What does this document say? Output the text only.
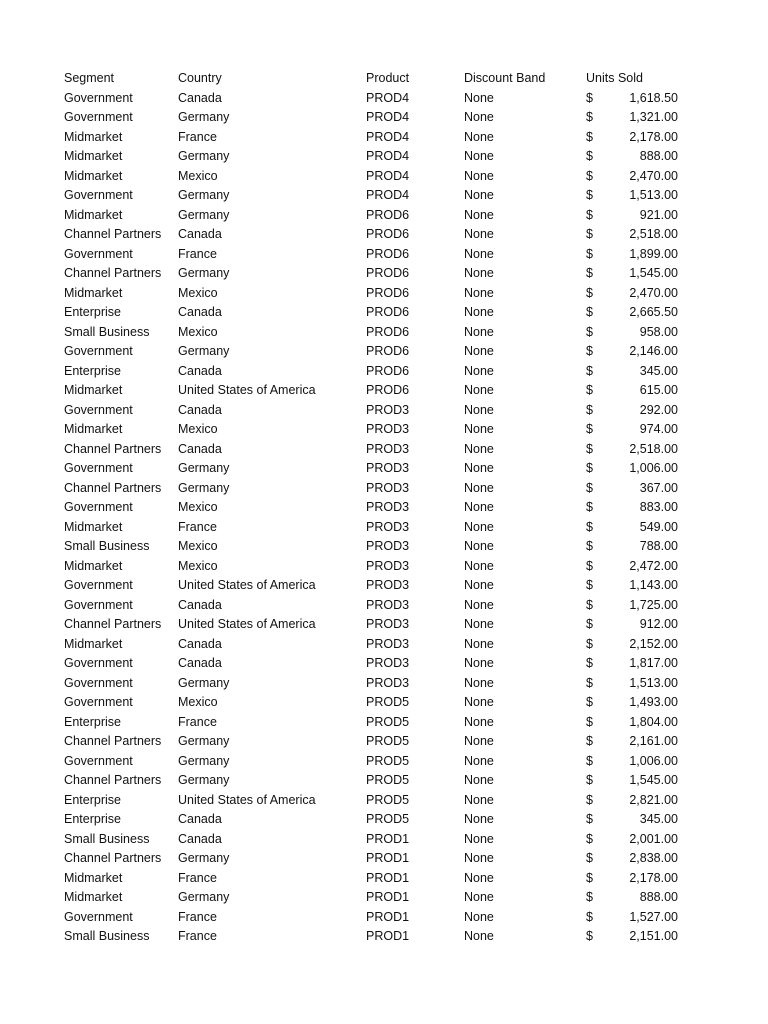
Segment	Country	Product	Discount Band	Units Sold	
Government	Canada	PROD4	None	$	1,618.50
Government	Germany	PROD4	None	$	1,321.00
Midmarket	France	PROD4	None	$	2,178.00
Midmarket	Germany	PROD4	None	$	888.00
Midmarket	Mexico	PROD4	None	$	2,470.00
Government	Germany	PROD4	None	$	1,513.00
Midmarket	Germany	PROD6	None	$	921.00
Channel Partners	Canada	PROD6	None	$	2,518.00
Government	France	PROD6	None	$	1,899.00
Channel Partners	Germany	PROD6	None	$	1,545.00
Midmarket	Mexico	PROD6	None	$	2,470.00
Enterprise	Canada	PROD6	None	$	2,665.50
Small Business	Mexico	PROD6	None	$	958.00
Government	Germany	PROD6	None	$	2,146.00
Enterprise	Canada	PROD6	None	$	345.00
Midmarket	United States of America	PROD6	None	$	615.00
Government	Canada	PROD3	None	$	292.00
Midmarket	Mexico	PROD3	None	$	974.00
Channel Partners	Canada	PROD3	None	$	2,518.00
Government	Germany	PROD3	None	$	1,006.00
Channel Partners	Germany	PROD3	None	$	367.00
Government	Mexico	PROD3	None	$	883.00
Midmarket	France	PROD3	None	$	549.00
Small Business	Mexico	PROD3	None	$	788.00
Midmarket	Mexico	PROD3	None	$	2,472.00
Government	United States of America	PROD3	None	$	1,143.00
Government	Canada	PROD3	None	$	1,725.00
Channel Partners	United States of America	PROD3	None	$	912.00
Midmarket	Canada	PROD3	None	$	2,152.00
Government	Canada	PROD3	None	$	1,817.00
Government	Germany	PROD3	None	$	1,513.00
Government	Mexico	PROD5	None	$	1,493.00
Enterprise	France	PROD5	None	$	1,804.00
Channel Partners	Germany	PROD5	None	$	2,161.00
Government	Germany	PROD5	None	$	1,006.00
Channel Partners	Germany	PROD5	None	$	1,545.00
Enterprise	United States of America	PROD5	None	$	2,821.00
Enterprise	Canada	PROD5	None	$	345.00
Small Business	Canada	PROD1	None	$	2,001.00
Channel Partners	Germany	PROD1	None	$	2,838.00
Midmarket	France	PROD1	None	$	2,178.00
Midmarket	Germany	PROD1	None	$	888.00
Government	France	PROD1	None	$	1,527.00
Small Business	France	PROD1	None	$	2,151.00
